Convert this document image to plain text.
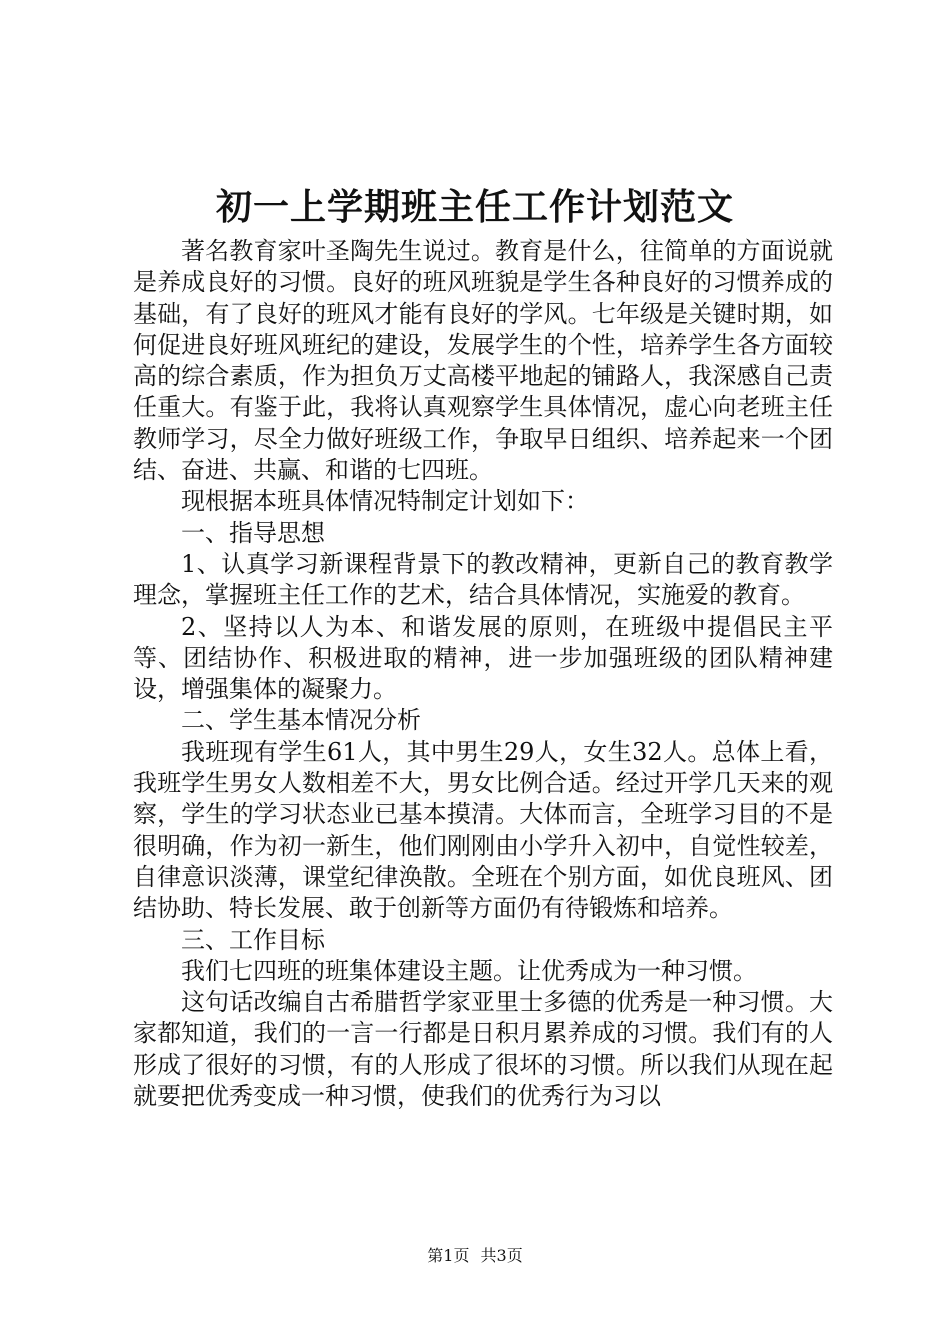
初一上学期班主任工作计划范文

著名教育家叶圣陶先生说过。教育是什么，往简单的方面说就是养成良好的习惯。良好的班风班貌是学生各种良好的习惯养成的基础，有了良好的班风才能有良好的学风。七年级是关键时期，如何促进良好班风班纪的建设，发展学生的个性，培养学生各方面较高的综合素质，作为担负万丈高楼平地起的铺路人，我深感自己责任重大。有鉴于此，我将认真观察学生具体情况，虚心向老班主任教师学习，尽全力做好班级工作，争取早日组织、培养起来一个团结、奋进、共赢、和谐的七四班。

现根据本班具体情况特制定计划如下：

一、指导思想

1、认真学习新课程背景下的教改精神，更新自己的教育教学理念，掌握班主任工作的艺术，结合具体情况，实施爱的教育。

2、坚持以人为本、和谐发展的原则，在班级中提倡民主平等、团结协作、积极进取的精神，进一步加强班级的团队精神建设，增强集体的凝聚力。

二、学生基本情况分析

我班现有学生61人，其中男生29人，女生32人。总体上看，我班学生男女人数相差不大，男女比例合适。经过开学几天来的观察，学生的学习状态业已基本摸清。大体而言，全班学习目的不是很明确，作为初一新生，他们刚刚由小学升入初中，自觉性较差，自律意识淡薄，课堂纪律涣散。全班在个别方面，如优良班风、团结协助、特长发展、敢于创新等方面仍有待锻炼和培养。

三、工作目标

我们七四班的班集体建设主题。让优秀成为一种习惯。

这句话改编自古希腊哲学家亚里士多德的优秀是一种习惯。大家都知道，我们的一言一行都是日积月累养成的习惯。我们有的人形成了很好的习惯，有的人形成了很坏的习惯。所以我们从现在起就要把优秀变成一种习惯，使我们的优秀行为习以

第1页 共3页
